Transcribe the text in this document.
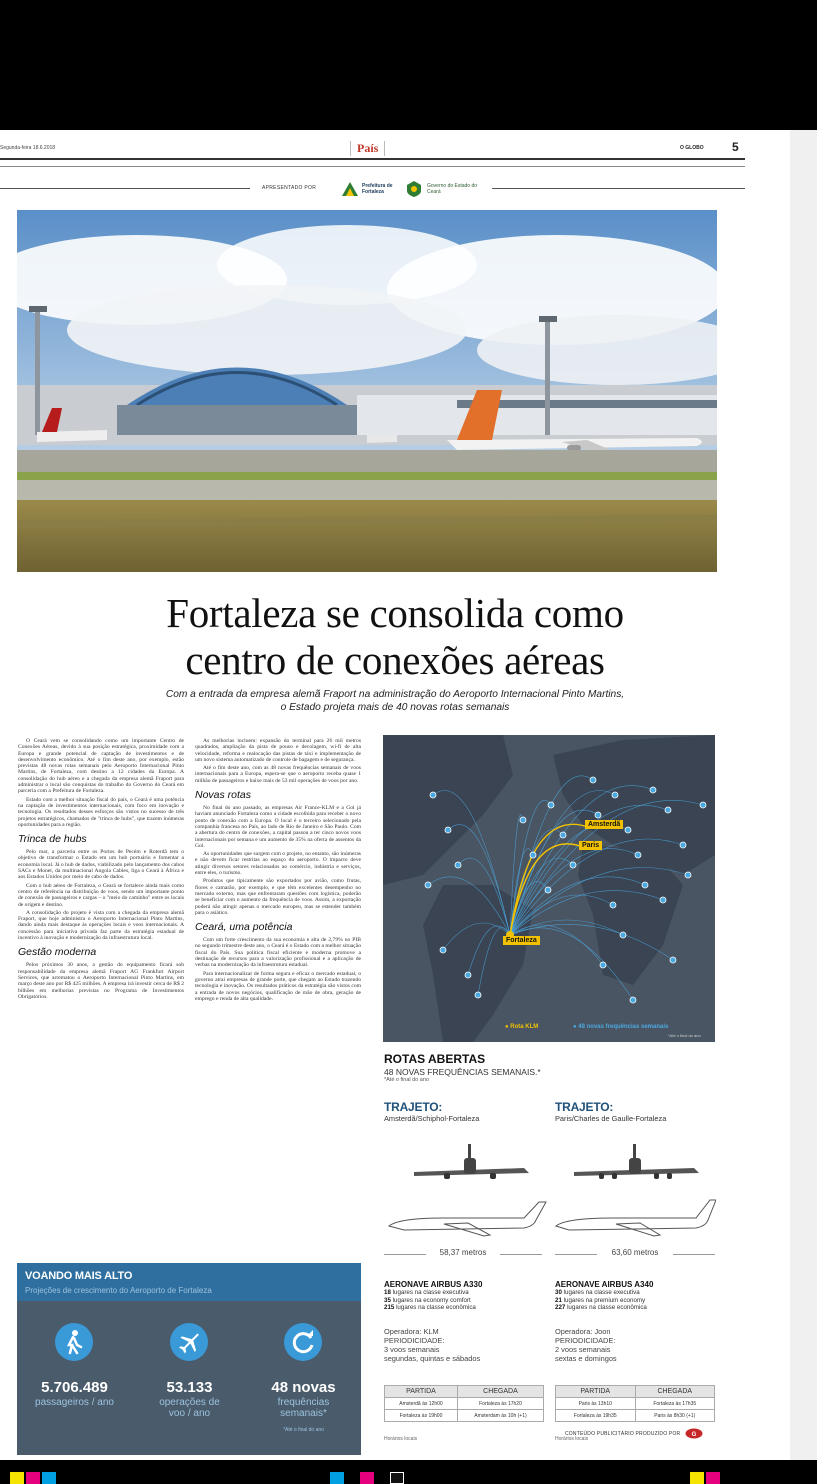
Segunda-feira 18.6.2018	País	O GLOBO 5
APRESENTADO POR	Prefeitura de Fortaleza
Governo do Estado do Ceará
Fortaleza se consolida como
centro de conexões aéreas
Com a entrada da empresa alemã Fraport na administração do Aeroporto Internacional Pinto Martins,
o Estado projeta mais de 40 novas rotas semanais

O Ceará vem se consolidando como um importante Centro de Conexões Aéreas, devido à sua posição estratégica, proximidade com a Europa e grande potencial de captação de investimentos e de desenvolvimento econômico. Até o fim deste ano, por exemplo, estão previstas 48 novas rotas semanais pelo Aeroporto Internacional Pinto Martins, de Fortaleza, com destino a 12 cidades da Europa. A consolidação do hub aéreo e a chegada da empresa alemã Fraport para administrar o local são conquistas do trabalho do Governo do Ceará em parceria com a Prefeitura de Fortaleza.

Estado com a melhor situação fiscal do país, o Ceará é uma potência na captação de investimentos internacionais, com foco em inovação e tecnologia. Os resultados desses esforços são vistos no sucesso de três projetos estratégicos, chamados de "trinca de hubs", que trazem inúmeras oportunidades para a região.

Trinca de hubs

Pelo mar, a parceria entre os Portos de Pecém e Roterdã tem o objetivo de transformar o Estado em um hub portuário e fomentar a economia local. Já o hub de dados, viabilizado pelo lançamento dos cabos SACs e Monet, da multinacional Angola Cables, liga o Ceará à África e aos Estados Unidos por meio de cabo de dados.

Com o hub aéreo de Fortaleza, o Ceará se fortalece ainda mais como centro de referência na distribuição de voos, sendo um importante ponto de conexão de passageiros e cargas – o "meio do caminho" entre os locais de origem e destino.

A consolidação do projeto é vista com a chegada da empresa alemã Fraport, que hoje administra o Aeroporto Internacional Pinto Martins, dando ainda mais destaque às operações locais e voos internacionais. A concessão para iniciativa privada faz parte da estratégia estadual de incentivo à inovação e modernização da infraestrutura local.

Gestão moderna

Pelos próximos 30 anos, a gestão do equipamento ficará sob responsabilidade da empresa alemã Fraport AG Frankfurt Airport Services, que arrematou o Aeroporto Internacional Pinto Martins, em março deste ano por R$ 425 milhões. A empresa irá investir cerca de R$ 2 bilhões em melhorias previstas no Programa de Investimentos Obrigatórios.

As melhorias incluem: expansão do terminal para 26 mil metros quadrados, ampliação da pista de pouso e decolagem, wi-fi de alta velocidade, reforma e realocação das pistas de táxi e implementação de um novo sistema automatizado de controle de bagagem e de segurança.

Até o fim deste ano, com as 48 novas frequências semanais de voos internacionais para a Europa, espera-se que o aeroporto receba quase 1 milhão de passageiros e baixe mais de 53 mil operações de voos por ano.

Novas rotas

No final do ano passado, as empresas Air France-KLM e a Gol já haviam anunciado Fortaleza como a cidade escolhida para receber o novo ponto de conexão com a Europa. O local é o terceiro selecionado pela companhia francesa no País, ao lado de Rio de Janeiro e São Paulo. Com a abertura do centro de conexões, a capital passou a ter cinco novos voos internacionais por semana e um aumento de 35% na oferta de assentos da Gol.

As oportunidades que surgem com o projeto, no entanto, são inúmeras e não devem ficar restritas ao espaço do aeroporto. O impacto deve atingir diversos setores relacionados ao comércio, indústria e serviços, entre eles, o turismo.

Produtos que tipicamente são exportados por avião, como frutas, flores e camarão, por exemplo, e que têm excelentes desempenho no mercado externo, mas que enfrentaram questões com logística, poderão se beneficiar com o aumento da frequência de voos. Assim, a exportação poderá não atingir apenas o mercado europeu, mas se estender também para o asiático.

Ceará, uma potência

Com um forte crescimento da sua economia e alta de 2,79% no PIB no segundo trimestre deste ano, o Ceará é o Estado com a melhor situação fiscal do País. Sua política fiscal eficiente e moderna promove a destinação de recursos para a valorização profissional e a aplicação de verbas na modernização da infraestrutura estadual.

Para internacionalizar de forma segura e eficaz o mercado estadual, o governo atrai empresas de grande porte, que chegam ao Estado trazendo tecnologia e inovação. Os resultados práticos da estratégia são vistos com a entrada de novos negócios, qualificação de mão de obra, geração de emprego e renda de alta qualidade.

Amsterdã
Paris
Fortaleza
● Rota KLM	● 48 novas frequências semanais
*Até o final do ano
ROTAS ABERTAS
48 NOVAS FREQUÊNCIAS SEMANAIS.*
*Até o final do ano
TRAJETO:
Amsterdã/Schiphol-Fortaleza
TRAJETO:
Paris/Charles de Gaulle-Fortaleza
58,37 metros	63,60 metros
AERONAVE AIRBUS A330
18 lugares na classe executiva
35 lugares na economy comfort
215 lugares na classe econômica
AERONAVE AIRBUS A340
30 lugares na classe executiva
21 lugares na premium economy
227 lugares na classe econômica
Operadora: KLM
PERIODICIDADE:
3 voos semanais
segundas, quintas e sábados
Operadora: Joon
PERIODICIDADE:
2 voos semanais
sextas e domingos
PARTIDA	CHEGADA
Amsterdã às 12h00	Fortaleza às 17h20
Fortaleza às 19h00	Amsterdam às 10h (+1)
PARTIDA	CHEGADA
Paris às 13h10	Fortaleza às 17h35
Fortaleza às 19h35	Paris às 8h30 (+1)
Horários locais	Horários locais
CONTEÚDO PUBLICITÁRIO PRODUZIDO POR G
VOANDO MAIS ALTO
Projeções de crescimento do Aeroporto de Fortaleza
5.706.489
passageiros / ano
53.133
operações de
voo / ano
48 novas
frequências
semanais*
*Até o final do ano
